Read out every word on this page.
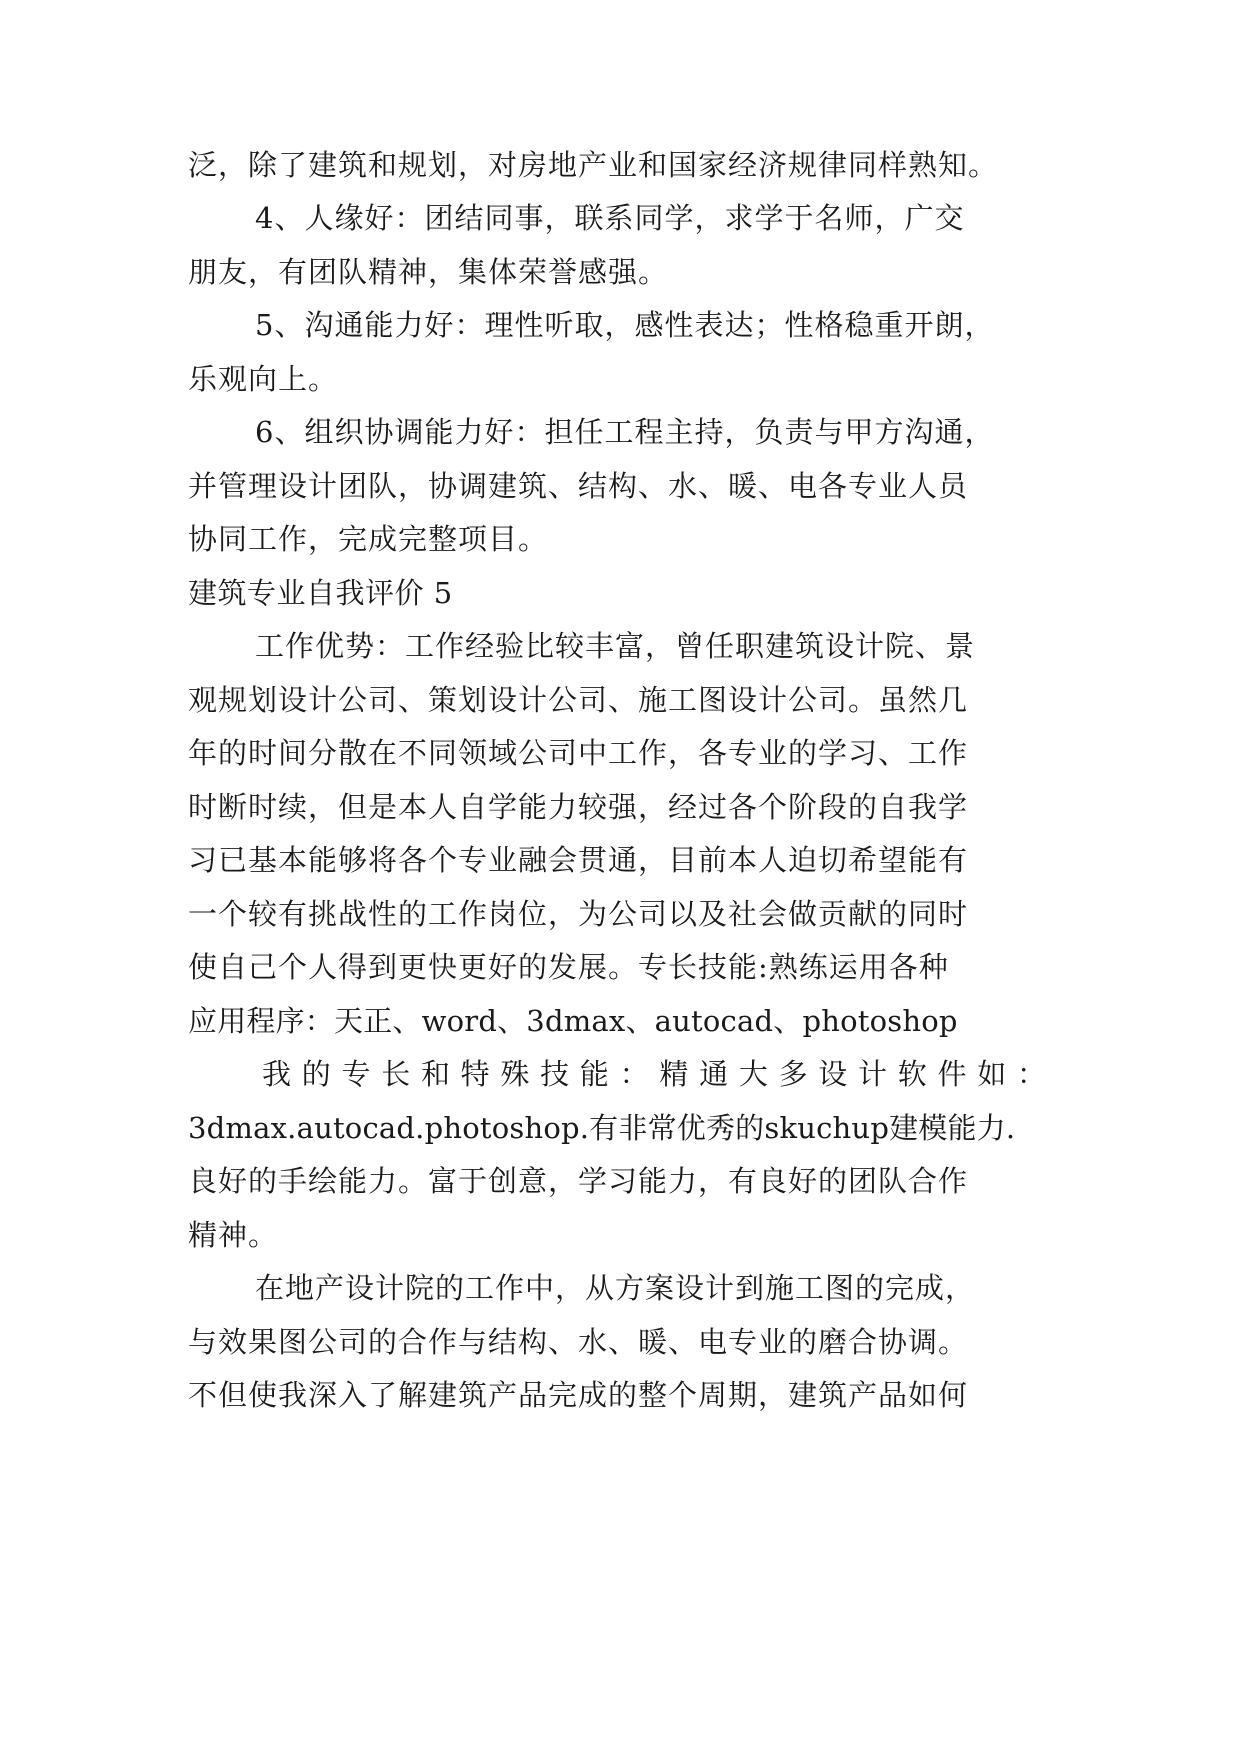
泛，除了建筑和规划，对房地产业和国家经济规律同样熟知。
4、人缘好：团结同事，联系同学，求学于名师，广交
朋友，有团队精神，集体荣誉感强。
5、沟通能力好：理性听取，感性表达；性格稳重开朗，
乐观向上。
6、组织协调能力好：担任工程主持，负责与甲方沟通，
并管理设计团队，协调建筑、结构、水、暖、电各专业人员
协同工作，完成完整项目。
建筑专业自我评价 5
工作优势：工作经验比较丰富，曾任职建筑设计院、景
观规划设计公司、策划设计公司、施工图设计公司。虽然几
年的时间分散在不同领域公司中工作，各专业的学习、工作
时断时续，但是本人自学能力较强，经过各个阶段的自我学
习已基本能够将各个专业融会贯通，目前本人迫切希望能有
一个较有挑战性的工作岗位，为公司以及社会做贡献的同时
使自己个人得到更快更好的发展。专长技能:熟练运用各种
应用程序：天正、word、3dmax、autocad、photoshop
我的专长和特殊技能：精通大多设计软件如：
3dmax.autocad.photoshop.有非常优秀的skuchup建模能力.
良好的手绘能力。富于创意，学习能力，有良好的团队合作
精神。
在地产设计院的工作中，从方案设计到施工图的完成，
与效果图公司的合作与结构、水、暖、电专业的磨合协调。
不但使我深入了解建筑产品完成的整个周期，建筑产品如何
